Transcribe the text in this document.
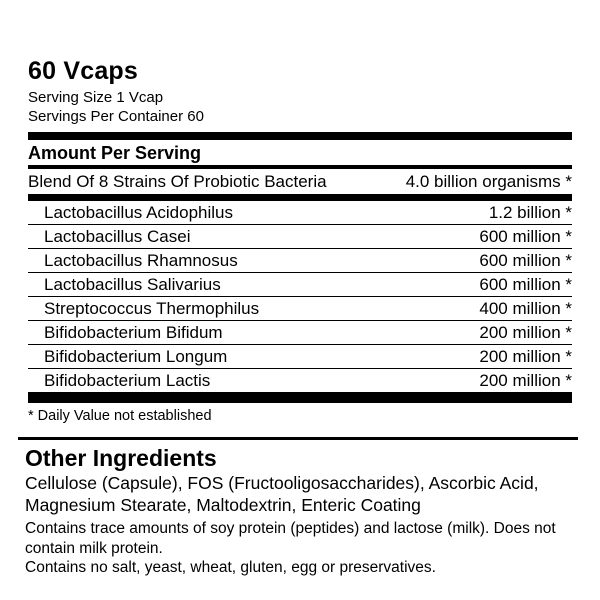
60 Vcaps
Serving Size 1 Vcap
Servings Per Container 60
Amount Per Serving
Blend Of 8 Strains Of Probiotic Bacteria	4.0 billion organisms *
Lactobacillus Acidophilus	1.2 billion *
Lactobacillus Casei	600 million *
Lactobacillus Rhamnosus	600 million *
Lactobacillus Salivarius	600 million *
Streptococcus Thermophilus	400 million *
Bifidobacterium Bifidum	200 million *
Bifidobacterium Longum	200 million *
Bifidobacterium Lactis	200 million *
* Daily Value not established
Other Ingredients
Cellulose (Capsule), FOS (Fructooligosaccharides), Ascorbic Acid, Magnesium Stearate, Maltodextrin, Enteric Coating
Contains trace amounts of soy protein (peptides) and lactose (milk). Does not contain milk protein.
Contains no salt, yeast, wheat, gluten, egg or preservatives.
